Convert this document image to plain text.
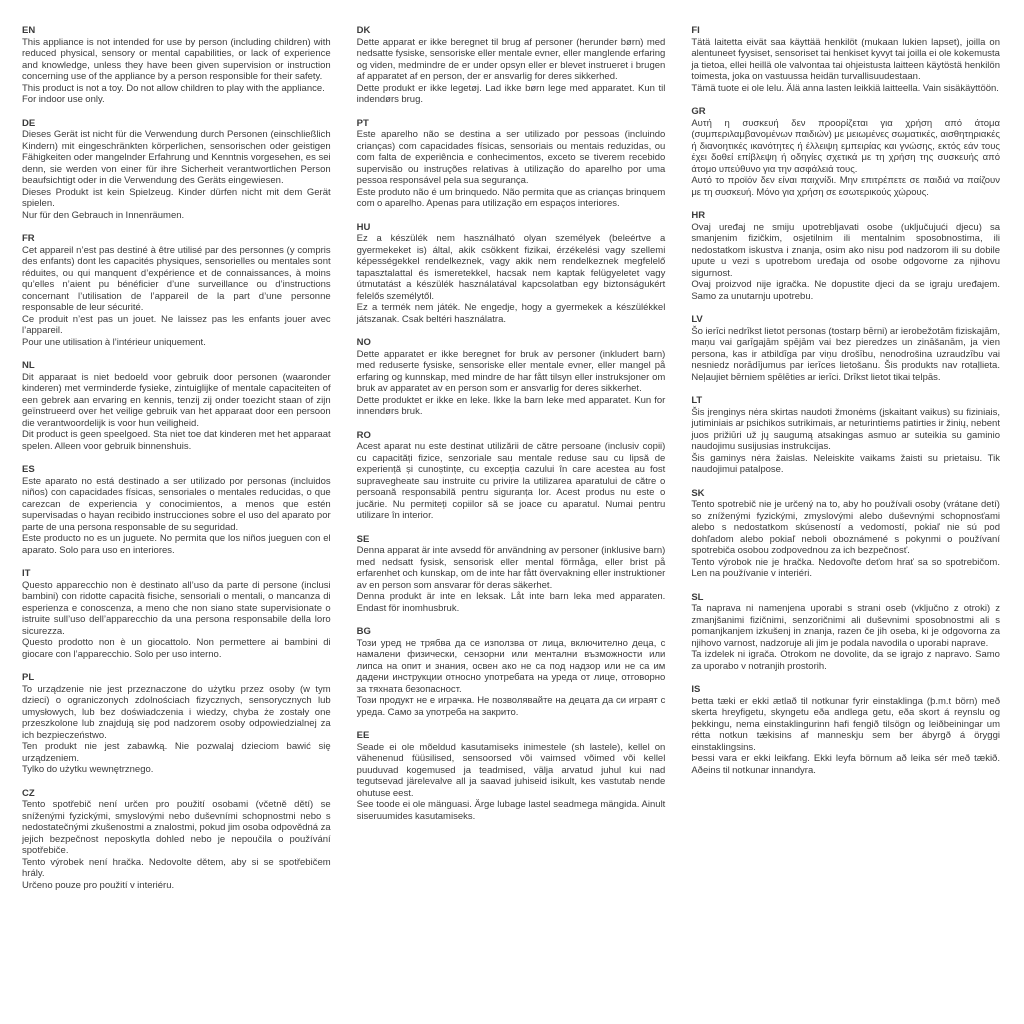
EN

This appliance is not intended for use by person (including children) with reduced physical, sensory or mental capabilities, or lack of experience and knowledge, unless they have been given supervision or instruction concerning use of the appliance by a person responsible for their safety.

This product is not a toy. Do not allow children to play with the appliance.

For indoor use only.

DE

Dieses Gerät ist nicht für die Verwendung durch Personen (einschließlich Kindern) mit eingeschränkten körperlichen, sensorischen oder geistigen Fähigkeiten oder mangelnder Erfahrung und Kenntnis vorgesehen, es sei denn, sie werden von einer für ihre Sicherheit verantwortlichen Person beaufsichtigt oder in die Verwendung des Geräts eingewiesen.

Dieses Produkt ist kein Spielzeug. Kinder dürfen nicht mit dem Gerät spielen.

Nur für den Gebrauch in Innenräumen.

FR

Cet appareil n’est pas destiné à être utilisé par des personnes (y compris des enfants) dont les capacités physiques, sensorielles ou mentales sont réduites, ou qui manquent d’expérience et de connaissances, à moins qu’elles n’aient pu bénéficier d’une surveillance ou d’instructions concernant l’utilisation de l’appareil de la part d’une personne responsable de leur sécurité.

Ce produit n’est pas un jouet. Ne laissez pas les enfants jouer avec l’appareil.

Pour une utilisation à l’intérieur uniquement.

NL

Dit apparaat is niet bedoeld voor gebruik door personen (waaronder kinderen) met verminderde fysieke, zintuiglijke of mentale capaciteiten of een gebrek aan ervaring en kennis, tenzij zij onder toezicht staan of zijn geïnstrueerd over het veilige gebruik van het apparaat door een persoon die verantwoordelijk is voor hun veiligheid.

Dit product is geen speelgoed. Sta niet toe dat kinderen met het apparaat spelen. Alleen voor gebruik binnenshuis.

ES

Este aparato no está destinado a ser utilizado por personas (incluidos niños) con capacidades físicas, sensoriales o mentales reducidas, o que carezcan de experiencia y conocimientos, a menos que estén supervisadas o hayan recibido instrucciones sobre el uso del aparato por parte de una persona responsable de su seguridad.

Este producto no es un juguete. No permita que los niños jueguen con el aparato. Solo para uso en interiores.

IT

Questo apparecchio non è destinato all’uso da parte di persone (inclusi bambini) con ridotte capacità fisiche, sensoriali o mentali, o mancanza di esperienza e conoscenza, a meno che non siano state supervisionate o istruite sull’uso dell’apparecchio da una persona responsabile della loro sicurezza.

Questo prodotto non è un giocattolo. Non permettere ai bambini di giocare con l’apparecchio. Solo per uso interno.

PL

To urządzenie nie jest przeznaczone do użytku przez osoby (w tym dzieci) o ograniczonych zdolnościach fizycznych, sensorycznych lub umysłowych, lub bez doświadczenia i wiedzy, chyba że zostały one przeszkolone lub znajdują się pod nadzorem osoby odpowiedzialnej za ich bezpieczeństwo.

Ten produkt nie jest zabawką. Nie pozwalaj dzieciom bawić się urządzeniem.

Tylko do użytku wewnętrznego.

CZ

Tento spotřebič není určen pro použití osobami (včetně dětí) se sníženými fyzickými, smyslovými nebo duševními schopnostmi nebo s nedostatečnými zkušenostmi a znalostmi, pokud jim osoba odpovědná za jejich bezpečnost neposkytla dohled nebo je nepoučila o používání spotřebiče.

Tento výrobek není hračka. Nedovolte dětem, aby si se spotřebičem hrály.

Určeno pouze pro použití v interiéru.

DK

Dette apparat er ikke beregnet til brug af personer (herunder børn) med nedsatte fysiske, sensoriske eller mentale evner, eller manglende erfaring og viden, medmindre de er under opsyn eller er blevet instrueret i brugen af apparatet af en person, der er ansvarlig for deres sikkerhed.

Dette produkt er ikke legetøj. Lad ikke børn lege med apparatet. Kun til indendørs brug.

PT

Este aparelho não se destina a ser utilizado por pessoas (incluindo crianças) com capacidades físicas, sensoriais ou mentais reduzidas, ou com falta de experiência e conhecimentos, exceto se tiverem recebido supervisão ou instruções relativas à utilização do aparelho por uma pessoa responsável pela sua segurança.

Este produto não é um brinquedo. Não permita que as crianças brinquem com o aparelho. Apenas para utilização em espaços interiores.

HU

Ez a készülék nem használható olyan személyek (beleértve a gyermekeket is) által, akik csökkent fizikai, érzékelési vagy szellemi képességekkel rendelkeznek, vagy akik nem rendelkeznek megfelelő tapasztalattal és ismeretekkel, hacsak nem kaptak felügyeletet vagy útmutatást a készülék használatával kapcsolatban egy biztonságukért felelős személytől.

Ez a termék nem játék. Ne engedje, hogy a gyermekek a készülékkel játszanak. Csak beltéri használatra.

NO

Dette apparatet er ikke beregnet for bruk av personer (inkludert barn) med reduserte fysiske, sensoriske eller mentale evner, eller mangel på erfaring og kunnskap, med mindre de har fått tilsyn eller instruksjoner om bruk av apparatet av en person som er ansvarlig for deres sikkerhet.

Dette produktet er ikke en leke. Ikke la barn leke med apparatet. Kun for innendørs bruk.

RO

Acest aparat nu este destinat utilizării de către persoane (inclusiv copii) cu capacități fizice, senzoriale sau mentale reduse sau cu lipsă de experiență și cunoștințe, cu excepția cazului în care acestea au fost supravegheate sau instruite cu privire la utilizarea aparatului de către o persoană responsabilă pentru siguranța lor. Acest produs nu este o jucărie. Nu permiteți copiilor să se joace cu aparatul. Numai pentru utilizare în interior.

SE

Denna apparat är inte avsedd för användning av personer (inklusive barn) med nedsatt fysisk, sensorisk eller mental förmåga, eller brist på erfarenhet och kunskap, om de inte har fått övervakning eller instruktioner av en person som ansvarar för deras säkerhet.

Denna produkt är inte en leksak. Låt inte barn leka med apparaten. Endast för inomhusbruk.

BG

Този уред не трябва да се използва от лица, включително деца, с намалени физически, сензорни или ментални възможности или липса на опит и знания, освен ако не са под надзор или не са им дадени инструкции относно употребата на уреда от лице, отговорно за тяхната безопасност.

Този продукт не е играчка. Не позволявайте на децата да си играят с уреда. Само за употреба на закрито.

EE

Seade ei ole mõeldud kasutamiseks inimestele (sh lastele), kellel on vähenenud füüsilised, sensoorsed või vaimsed võimed või kellel puuduvad kogemused ja teadmised, välja arvatud juhul kui nad tegutsevad järelevalve all ja saavad juhiseid isikult, kes vastutab nende ohutuse eest.

See toode ei ole mänguasi. Ärge lubage lastel seadmega mängida. Ainult siseruumides kasutamiseks.

FI

Tätä laitetta eivät saa käyttää henkilöt (mukaan lukien lapset), joilla on alentuneet fyysiset, sensoriset tai henkiset kyvyt tai joilla ei ole kokemusta ja tietoa, ellei heillä ole valvontaa tai ohjeistusta laitteen käytöstä henkilön toimesta, joka on vastuussa heidän turvallisuudestaan.

Tämä tuote ei ole lelu. Älä anna lasten leikkiä laitteella. Vain sisäkäyttöön.

GR

Αυτή η συσκευή δεν προορίζεται για χρήση από άτομα (συμπεριλαμβανομένων παιδιών) με μειωμένες σωματικές, αισθητηριακές ή διανοητικές ικανότητες ή έλλειψη εμπειρίας και γνώσης, εκτός εάν τους έχει δοθεί επίβλεψη ή οδηγίες σχετικά με τη χρήση της συσκευής από άτομο υπεύθυνο για την ασφάλειά τους.

Αυτό το προϊόν δεν είναι παιχνίδι. Μην επιτρέπετε σε παιδιά να παίζουν με τη συσκευή. Μόνο για χρήση σε εσωτερικούς χώρους.

HR

Ovaj uređaj ne smiju upotrebljavati osobe (uključujući djecu) sa smanjenim fizičkim, osjetilnim ili mentalnim sposobnostima, ili nedostatkom iskustva i znanja, osim ako nisu pod nadzorom ili su dobile upute u vezi s upotrebom uređaja od osobe odgovorne za njihovu sigurnost.

Ovaj proizvod nije igračka. Ne dopustite djeci da se igraju uređajem. Samo za unutarnju upotrebu.

LV

Šo ierīci nedrīkst lietot personas (tostarp bērni) ar ierobežotām fiziskajām, maņu vai garīgajām spējām vai bez pieredzes un zināšanām, ja vien persona, kas ir atbildīga par viņu drošību, nenodrošina uzraudzību vai nesniedz norādījumus par ierīces lietošanu. Šis produkts nav rotaļlieta. Neļaujiet bērniem spēlēties ar ierīci. Drīkst lietot tikai telpās.

LT

Šis įrenginys nėra skirtas naudoti žmonėms (įskaitant vaikus) su fiziniais, jutiminiais ar psichikos sutrikimais, ar neturintiems patirties ir žinių, nebent juos prižiūri už jų saugumą atsakingas asmuo ar suteikia su gaminio naudojimu susijusias instrukcijas.

Šis gaminys nėra žaislas. Neleiskite vaikams žaisti su prietaisu. Tik naudojimui patalpose.

SK

Tento spotrebič nie je určený na to, aby ho používali osoby (vrátane detí) so zníženými fyzickými, zmyslovými alebo duševnými schopnosťami alebo s nedostatkom skúseností a vedomostí, pokiaľ nie sú pod dohľadom alebo pokiaľ neboli oboznámené s pokynmi o používaní spotrebiča osobou zodpovednou za ich bezpečnosť.

Tento výrobok nie je hračka. Nedovoľte deťom hrať sa so spotrebičom. Len na používanie v interiéri.

SL

Ta naprava ni namenjena uporabi s strani oseb (vključno z otroki) z zmanjšanimi fizičnimi, senzoričnimi ali duševnimi sposobnostmi ali s pomanjkanjem izkušenj in znanja, razen če jih oseba, ki je odgovorna za njihovo varnost, nadzoruje ali jim je podala navodila o uporabi naprave.

Ta izdelek ni igrača. Otrokom ne dovolite, da se igrajo z napravo. Samo za uporabo v notranjih prostorih.

IS

Þetta tæki er ekki ætlað til notkunar fyrir einstaklinga (þ.m.t börn) með skerta hreyfigetu, skyngetu eða andlega getu, eða skort á reynslu og þekkingu, nema einstaklingurinn hafi fengið tilsögn og leiðbeiningar um rétta notkun tækisins af manneskju sem ber ábyrgð á öryggi einstaklingsins.

Þessi vara er ekki leikfang. Ekki leyfa börnum að leika sér með tækið. Aðeins til notkunar innandyra.
